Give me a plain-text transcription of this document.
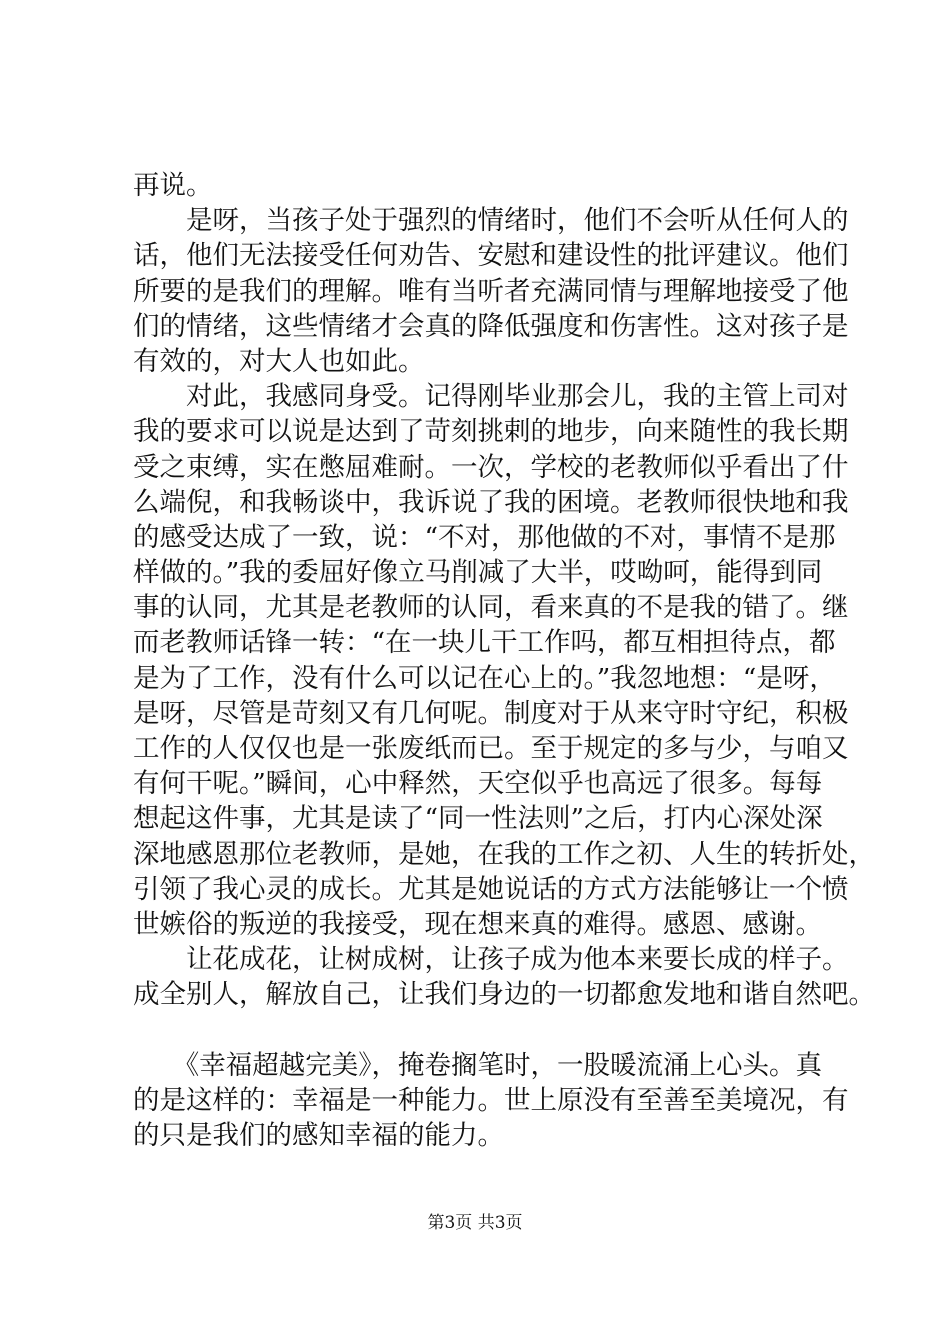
再说。
　　是呀，当孩子处于强烈的情绪时，他们不会听从任何人的
话，他们无法接受任何劝告、安慰和建设性的批评建议。他们
所要的是我们的理解。唯有当听者充满同情与理解地接受了他
们的情绪，这些情绪才会真的降低强度和伤害性。这对孩子是
有效的，对大人也如此。
　　对此，我感同身受。记得刚毕业那会儿，我的主管上司对
我的要求可以说是达到了苛刻挑剌的地步，向来随性的我长期
受之束缚，实在憋屈难耐。一次，学校的老教师似乎看出了什
么端倪，和我畅谈中，我诉说了我的困境。老教师很快地和我
的感受达成了一致，说：“不对，那他做的不对，事情不是那
样做的。”我的委屈好像立马削减了大半，哎呦呵，能得到同
事的认同，尤其是老教师的认同，看来真的不是我的错了。继
而老教师话锋一转：“在一块儿干工作吗，都互相担待点，都
是为了工作，没有什么可以记在心上的。”我忽地想：“是呀，
是呀，尽管是苛刻又有几何呢。制度对于从来守时守纪，积极
工作的人仅仅也是一张废纸而已。至于规定的多与少，与咱又
有何干呢。”瞬间，心中释然，天空似乎也高远了很多。每每
想起这件事，尤其是读了“同一性法则”之后，打内心深处深
深地感恩那位老教师，是她，在我的工作之初、人生的转折处，
引领了我心灵的成长。尤其是她说话的方式方法能够让一个愤
世嫉俗的叛逆的我接受，现在想来真的难得。感恩、感谢。
　　让花成花，让树成树，让孩子成为他本来要长成的样子。
成全别人，解放自己，让我们身边的一切都愈发地和谐自然吧。
　　《幸福超越完美》，掩卷搁笔时，一股暖流涌上心头。真
的是这样的：幸福是一种能力。世上原没有至善至美境况，有
的只是我们的感知幸福的能力。
第3页 共3页
